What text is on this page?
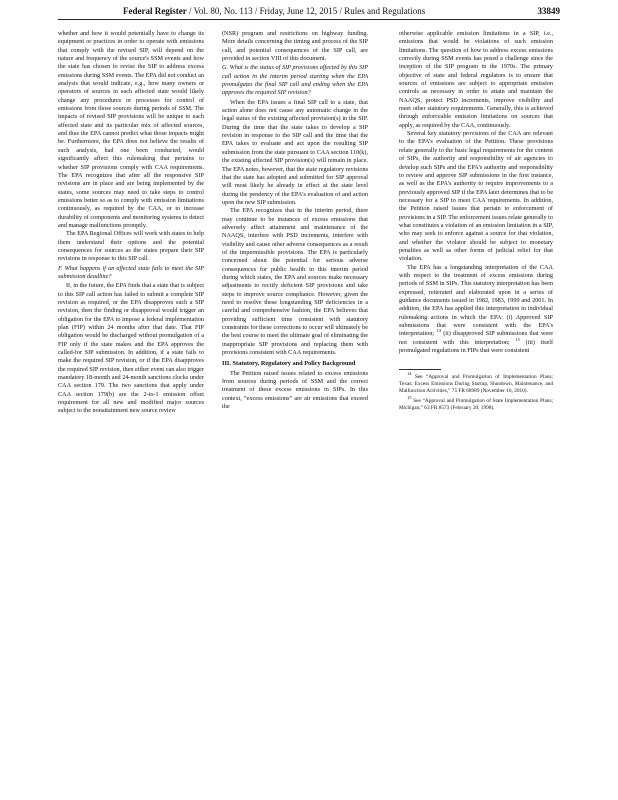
Federal Register / Vol. 80, No. 113 / Friday, June 12, 2015 / Rules and Regulations	33849

whether and how it would potentially have to change its equipment or practices in order to operate with emissions that comply with the revised SIP, will depend on the nature and frequency of the source's SSM events and how the state has chosen to revise the SIP to address excess emissions during SSM events. The EPA did not conduct an analysis that would indicate, e.g., how many owners or operators of sources in each affected state would likely change any procedures or processes for control of emissions from those sources during periods of SSM. The impacts of revised SIP provisions will be unique to each affected state and its particular mix of affected sources, and thus the EPA cannot predict what those impacts might be. Furthermore, the EPA does not believe the results of such analysis, had one been conducted, would significantly affect this rulemaking that pertains to whether SIP provisions comply with CAA requirements. The EPA recognizes that after all the responsive SIP revisions are in place and are being implemented by the states, some sources may need to take steps to control emissions better so as to comply with emission limitations continuously, as required by the CAA, or to increase durability of components and monitoring systems to detect and manage malfunctions promptly.

The EPA Regional Offices will work with states to help them understand their options and the potential consequences for sources as the states prepare their SIP revisions in response to this SIP call.

F. What happens if an affected state fails to meet the SIP submission deadline?

If, in the future, the EPA finds that a state that is subject to this SIP call action has failed to submit a complete SIP revision as required, or the EPA disapproves such a SIP revision, then the finding or disapproval would trigger an obligation for the EPA to impose a federal implementation plan (FIP) within 24 months after that date. That FIP obligation would be discharged without promulgation of a FIP only if the state makes and the EPA approves the called-for SIP submission. In addition, if a state fails to make the required SIP revision, or if the EPA disapproves the required SIP revision, then either event can also trigger mandatory 18-month and 24-month sanctions clocks under CAA section 179. The two sanctions that apply under CAA section 179(b) are the 2-to-1 emission offset requirement for all new and modified major sources subject to the nonattainment new source review

(NSR) program and restrictions on highway funding. More details concerning the timing and process of the SIP call, and potential consequences of the SIP call, are provided in section VIII of this document.

G. What is the status of SIP provisions affected by this SIP call action in the interim period starting when the EPA promulgates the final SIP call and ending when the EPA approves the required SIP revision?

When the EPA issues a final SIP call to a state, that action alone does not cause any automatic change in the legal status of the existing affected provision(s) in the SIP. During the time that the state takes to develop a SIP revision in response to the SIP call and the time that the EPA takes to evaluate and act upon the resulting SIP submission from the state pursuant to CAA section 110(k), the existing affected SIP provision(s) will remain in place. The EPA notes, however, that the state regulatory revisions that the state has adopted and submitted for SIP approval will most likely be already in effect at the state level during the pendency of the EPA's evaluation of and action upon the new SIP submission.

The EPA recognizes that in the interim period, there may continue to be instances of excess emissions that adversely affect attainment and maintenance of the NAAQS, interfere with PSD increments, interfere with visibility and cause other adverse consequences as a result of the impermissible provisions. The EPA is particularly concerned about the potential for serious adverse consequences for public health in this interim period during which states, the EPA and sources make necessary adjustments to rectify deficient SIP provisions and take steps to improve source compliance. However, given the need to resolve these longstanding SIP deficiencies in a careful and comprehensive fashion, the EPA believes that providing sufficient time consistent with statutory constraints for these corrections to occur will ultimately be the best course to meet the ultimate goal of eliminating the inappropriate SIP provisions and replacing them with provisions consistent with CAA requirements.

III. Statutory, Regulatory and Policy Background

The Petition raised issues related to excess emissions from sources during periods of SSM and the correct treatment of these excess emissions in SIPs. In this context, “excess emissions” are air emissions that exceed the

otherwise applicable emission limitations in a SIP, i.e., emissions that would be violations of such emission limitations. The question of how to address excess emissions correctly during SSM events has posed a challenge since the inception of the SIP program in the 1970s. The primary objective of state and federal regulators is to ensure that sources of emissions are subject to appropriate emission controls as necessary in order to attain and maintain the NAAQS, protect PSD increments, improve visibility and meet other statutory requirements. Generally, this is achieved through enforceable emission limitations on sources that apply, as required by the CAA, continuously.

Several key statutory provisions of the CAA are relevant to the EPA's evaluation of the Petition. These provisions relate generally to the basic legal requirements for the content of SIPs, the authority and responsibility of air agencies to develop such SIPs and the EPA's authority and responsibility to review and approve SIP submissions in the first instance, as well as the EPA's authority to require improvements to a previously approved SIP if the EPA later determines that to be necessary for a SIP to meet CAA requirements. In addition, the Petition raised issues that pertain to enforcement of provisions in a SIP. The enforcement issues relate generally to what constitutes a violation of an emission limitation in a SIP, who may seek to enforce against a source for that violation, and whether the violator should be subject to monetary penalties as well as other forms of judicial relief for that violation.

The EPA has a longstanding interpretation of the CAA with respect to the treatment of excess emissions during periods of SSM in SIPs. This statutory interpretation has been expressed, reiterated and elaborated upon in a series of guidance documents issued in 1982, 1983, 1999 and 2001. In addition, the EPA has applied this interpretation in individual rulemaking actions in which the EPA: (i) Approved SIP submissions that were consistent with the EPA's interpretation; $^{14}$ (ii) disapproved SIP submissions that were not consistent with this interpretation; $^{15}$ (iii) itself promulgated regulations in FIPs that were consistent

$^{14}$ See “Approval and Promulgation of Implementation Plans; Texas; Excess Emissions During Startup, Shutdown, Maintenance, and Malfunction Activities,” 75 FR 68989 (November 10, 2010).

$^{15}$ See “Approval and Promulgation of State Implementation Plans; Michigan,” 63 FR 8573 (February 20, 1998).
